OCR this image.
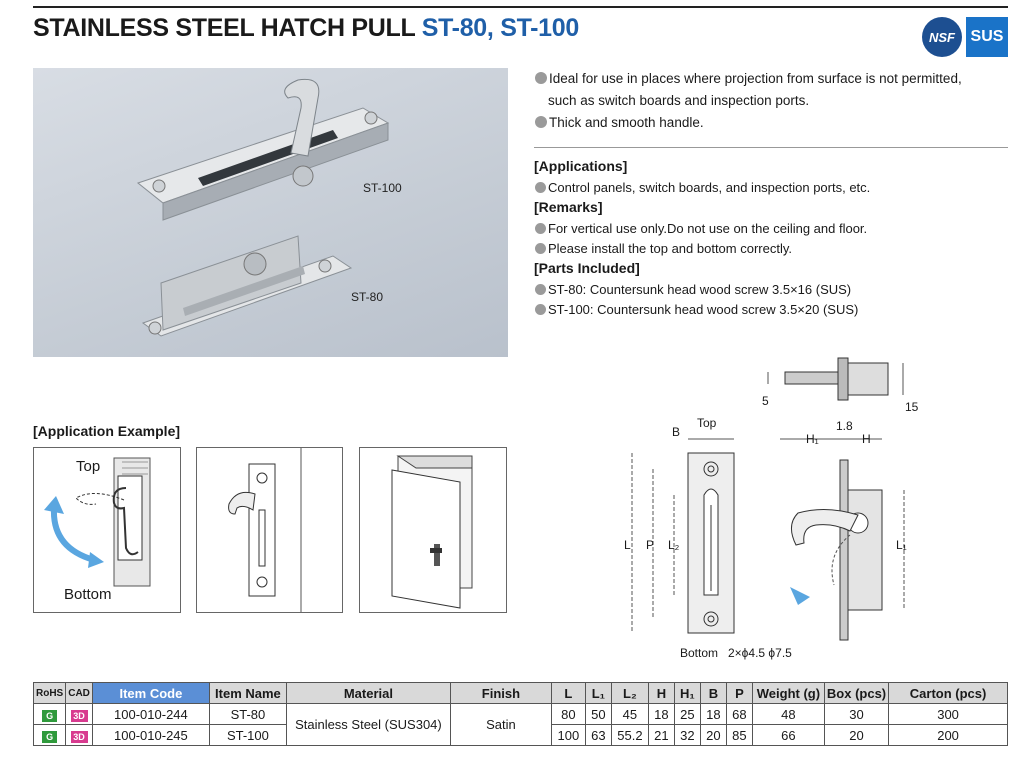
STAINLESS STEEL HATCH PULL ST-80, ST-100	NSF SUS
ST-100
ST-80
Ideal for use in places where projection from surface is not permitted,
such as switch boards and inspection ports.
Thick and smooth handle.
[Applications]
Control panels, switch boards, and inspection ports, etc.
[Remarks]
For vertical use only.Do not use on the ceiling and floor.
Please install the top and bottom correctly.
[Parts Included]
ST-80: Countersunk head wood screw 3.5×16 (SUS)
ST-100: Countersunk head wood screw 3.5×20 (SUS)
[Application Example]
Top
Bottom
B
Top
L P L₂	L₁
H₁	H
1.8
5	15
Bottom 2×ϕ4.5 ϕ7.5
RoHS	CAD	Item Code	Item Name	Material	Finish	L	L₁	L₂	H	H₁	B	P	Weight (g)	Box (pcs)	Carton (pcs)
G	3D	100-010-244	ST-80	Stainless Steel (SUS304)	Satin	80	50	45	18	25	18	68	48	30	300
G	3D	100-010-245	ST-100			100	63	55.2	21	32	20	85	66	20	200
